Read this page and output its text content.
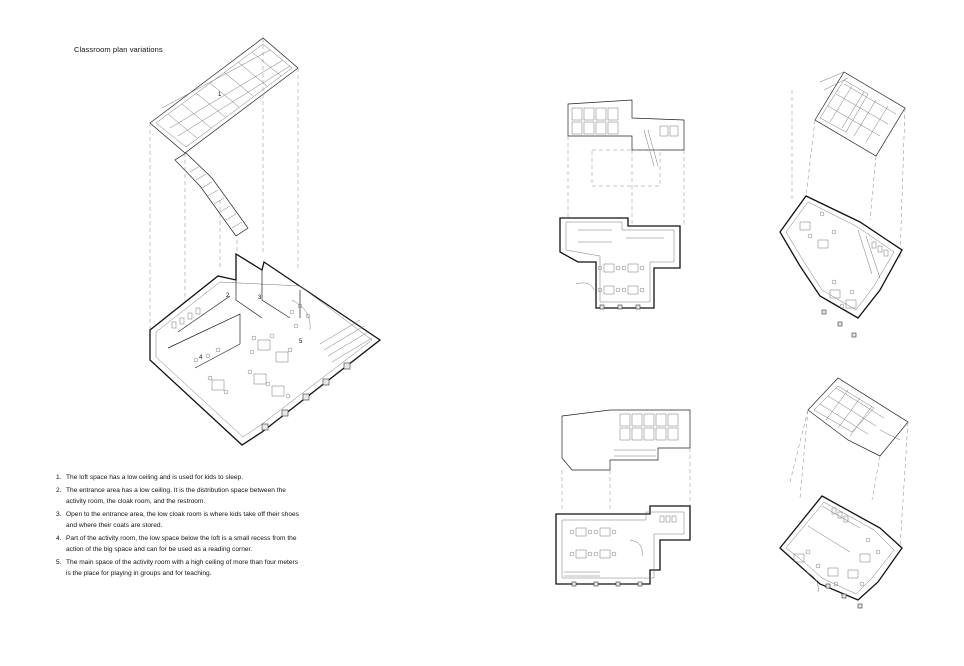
Classroom plan variations
1
2	3
4
5
1. The loft space has a low ceiling and is used for kids to sleep.
2. The entrance area has a low ceiling. It is the distribution space between the activity room, the cloak room, and the restroom.
3. Open to the entrance area, the low cloak room is where kids take off their shoes and where their coats are stored.
4. Part of the activity room, the low space below the loft is a small recess from the action of the big space and can for be used as a reading corner.
5. The main space of the activity room with a high ceiling of more than four meters is the place for playing in groups and for teaching.
